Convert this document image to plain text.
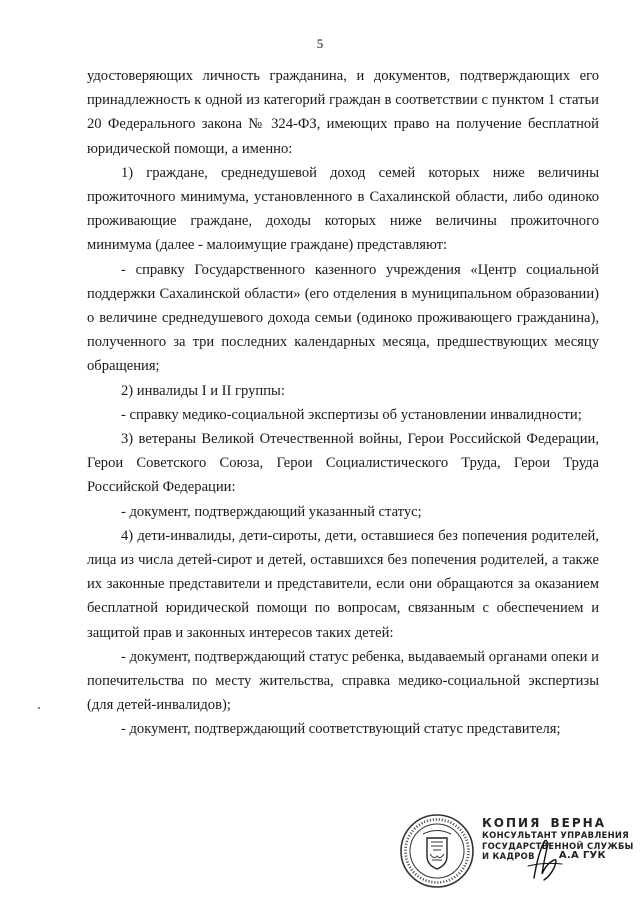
5

удостоверяющих личность гражданина, и документов, подтверждающих его принадлежность к одной из категорий граждан в соответствии с пунктом 1 статьи 20 Федерального закона № 324-ФЗ, имеющих право на получение бесплатной юридической помощи, а именно:

1) граждане, среднедушевой доход семей которых ниже величины прожиточного минимума, установленного в Сахалинской области, либо одиноко проживающие граждане, доходы которых ниже величины прожиточного минимума (далее - малоимущие граждане) представляют:

- справку Государственного казенного учреждения «Центр социальной поддержки Сахалинской области» (его отделения в муниципальном образовании) о величине среднедушевого дохода семьи (одиноко проживающего гражданина), полученного за три последних календарных месяца, предшествующих месяцу обращения;

2) инвалиды I и II группы:

- справку медико-социальной экспертизы об установлении инвалидности;

3) ветераны Великой Отечественной войны, Герои Российской Федерации, Герои Советского Союза, Герои Социалистического Труда, Герои Труда Российской Федерации:

- документ, подтверждающий указанный статус;

4) дети-инвалиды, дети-сироты, дети, оставшиеся без попечения родителей, лица из числа детей-сирот и детей, оставшихся без попечения родителей, а также их законные представители и представители, если они обращаются за оказанием бесплатной юридической помощи по вопросам, связанным с обеспечением и защитой прав и законных интересов таких детей:

- документ, подтверждающий статус ребенка, выдаваемый органами опеки и попечительства по месту жительства, справка медико-социальной экспертизы (для детей-инвалидов);

- документ, подтверждающий соответствующий статус представителя;

КОПИЯ ВЕРНА
КОНСУЛЬТАНТ УПРАВЛЕНИЯ
ГОСУДАРСТВЕННОЙ СЛУЖБЫ
И КАДРОВ А.А ГУК
